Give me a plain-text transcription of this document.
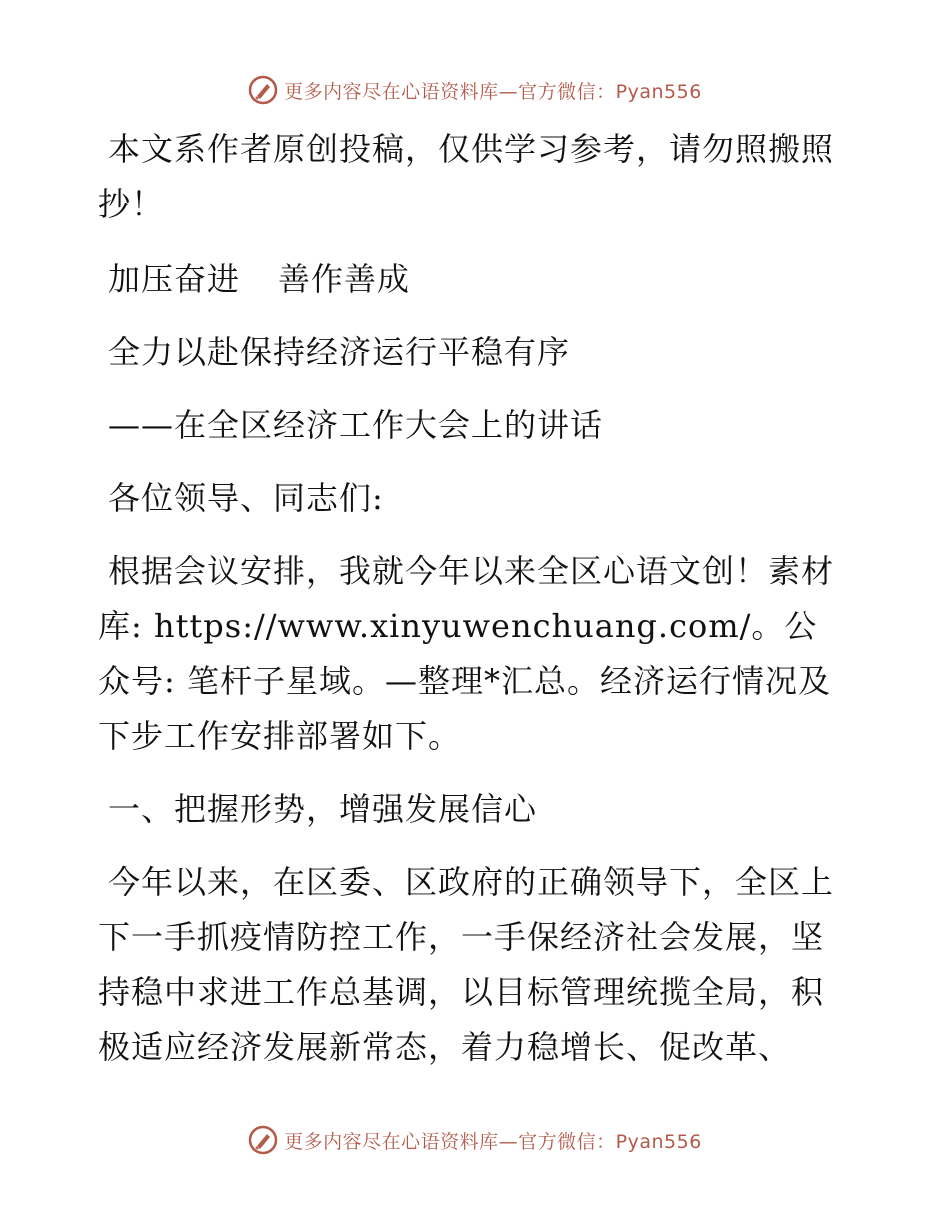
更多内容尽在心语资料库—官方微信：Pyan556

本文系作者原创投稿，仅供学习参考，请勿照搬照抄！

加压奋进 善作善成

全力以赴保持经济运行平稳有序

——在全区经济工作大会上的讲话

各位领导、同志们:

根据会议安排，我就今年以来全区心语文创！素材库: https://www.xinyuwenchuang.com/。公众号: 笔杆子星域。—整理*汇总。经济运行情况及下步工作安排部署如下。

一、把握形势，增强发展信心

今年以来，在区委、区政府的正确领导下，全区上下一手抓疫情防控工作，一手保经济社会发展，坚持稳中求进工作总基调，以目标管理统揽全局，积极适应经济发展新常态，着力稳增长、促改革、

更多内容尽在心语资料库—官方微信：Pyan556
